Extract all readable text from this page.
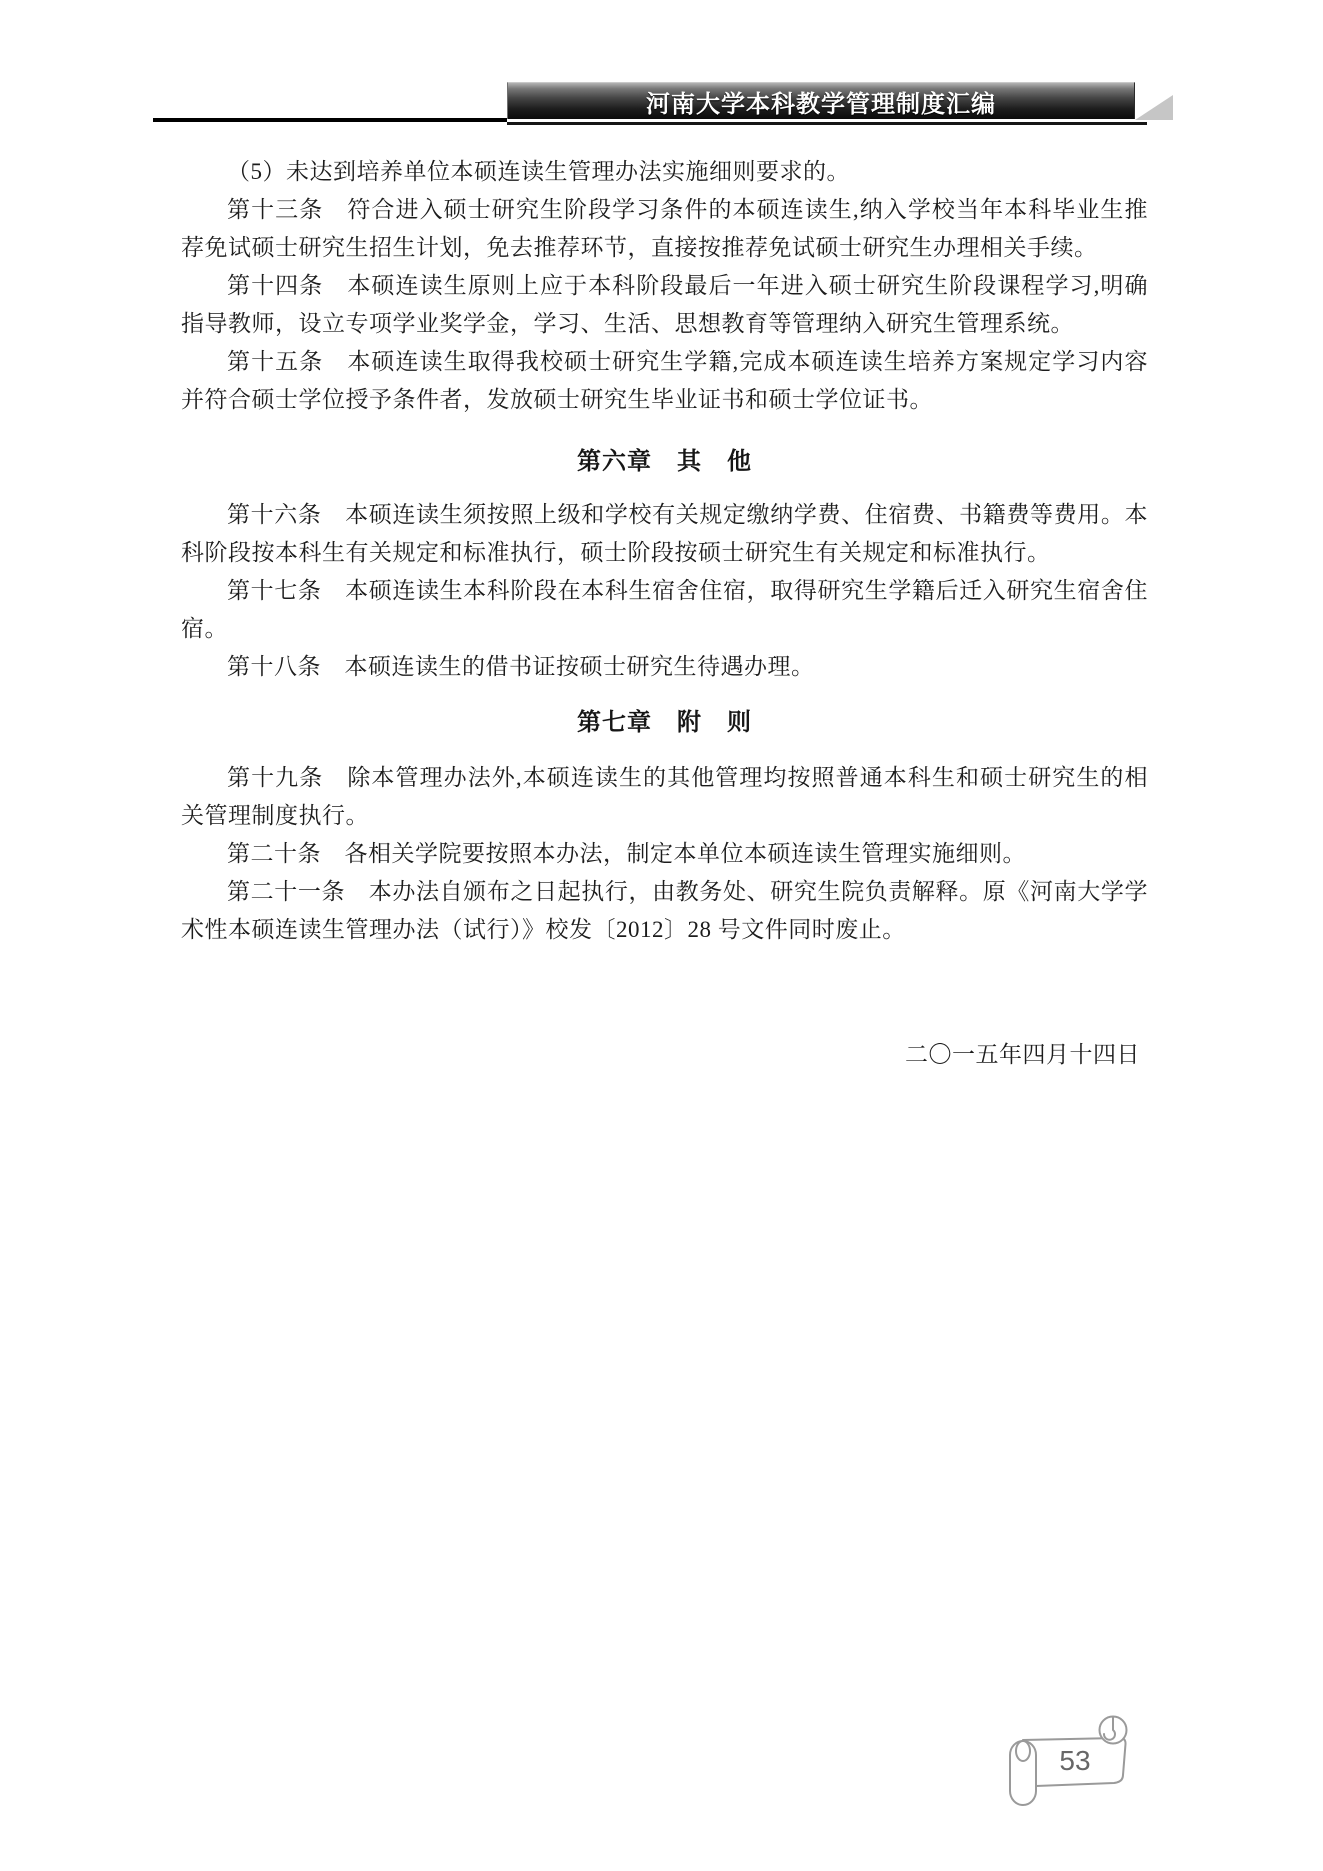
河南大学本科教学管理制度汇编

（5）未达到培养单位本硕连读生管理办法实施细则要求的。

第十三条　符合进入硕士研究生阶段学习条件的本硕连读生,纳入学校当年本科毕业生推荐免试硕士研究生招生计划，免去推荐环节，直接按推荐免试硕士研究生办理相关手续。

第十四条　本硕连读生原则上应于本科阶段最后一年进入硕士研究生阶段课程学习,明确指导教师，设立专项学业奖学金，学习、生活、思想教育等管理纳入研究生管理系统。

第十五条　本硕连读生取得我校硕士研究生学籍,完成本硕连读生培养方案规定学习内容并符合硕士学位授予条件者，发放硕士研究生毕业证书和硕士学位证书。

第六章　其　他

第十六条　本硕连读生须按照上级和学校有关规定缴纳学费、住宿费、书籍费等费用。本科阶段按本科生有关规定和标准执行，硕士阶段按硕士研究生有关规定和标准执行。

第十七条　本硕连读生本科阶段在本科生宿舍住宿，取得研究生学籍后迁入研究生宿舍住宿。

第十八条　本硕连读生的借书证按硕士研究生待遇办理。

第七章　附　则

第十九条　除本管理办法外,本硕连读生的其他管理均按照普通本科生和硕士研究生的相关管理制度执行。

第二十条　各相关学院要按照本办法，制定本单位本硕连读生管理实施细则。

第二十一条　本办法自颁布之日起执行，由教务处、研究生院负责解释。原《河南大学学术性本硕连读生管理办法（试行）》校发〔2012〕28 号文件同时废止。

二〇一五年四月十四日

53
